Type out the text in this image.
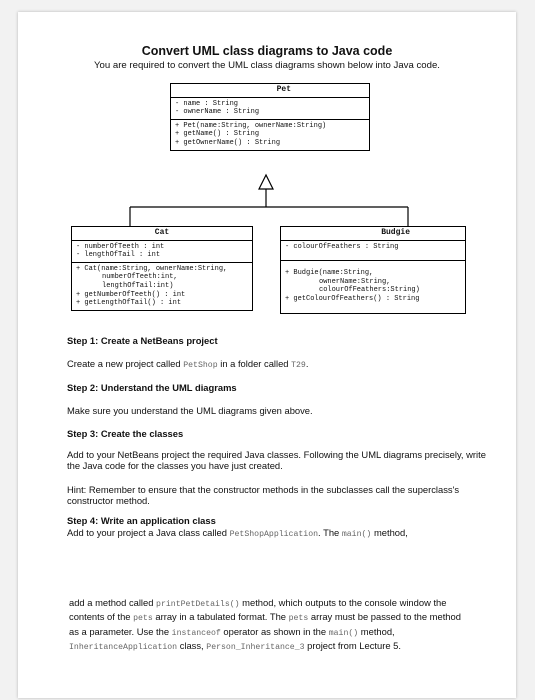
Convert UML class diagrams to Java code
You are required to convert the UML class diagrams shown below into Java code.
Pet
- name : String
- ownerName : String
+ Pet(name:String, ownerName:String)
+ getName() : String
+ getOwnerName() : String
Cat
- numberOfTeeth : int
- lengthOfTail : int
+ Cat(name:String, ownerName:String,
numberOfTeeth:int,
lengthOfTail:int)
+ getNumberOfTeeth() : int
+ getLengthOfTail() : int
Budgie
- colourOfFeathers : String
+ Budgie(name:String,
ownerName:String,
colourOfFeathers:String)
+ getColourOfFeathers() : String
Step 1: Create a NetBeans project
Create a new project called PetShop in a folder called T29.
Step 2: Understand the UML diagrams
Make sure you understand the UML diagrams given above.
Step 3: Create the classes
Add to your NetBeans project the required Java classes. Following the UML diagrams precisely, write the Java code for the classes you have just created.
Hint: Remember to ensure that the constructor methods in the subclasses call the superclass's constructor method.
Step 4: Write an application class
Add to your project a Java class called PetShopApplication. The main() method,
add a method called printPetDetails() method, which outputs to the console window the contents of the pets array in a tabulated format. The pets array must be passed to the method as a parameter. Use the instanceof operator as shown in the main() method, InheritanceApplication class, Person_Inheritance_3 project from Lecture 5.
